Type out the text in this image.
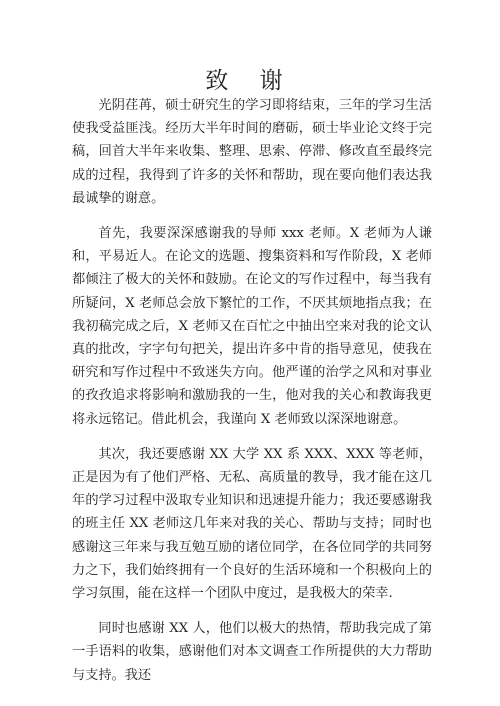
致 谢

光阴荏苒，硕士研究生的学习即将结束，三年的学习生活使我受益匪浅。经历大半年时间的磨砺，硕士毕业论文终于完稿，回首大半年来收集、整理、思索、停滞、修改直至最终完成的过程，我得到了许多的关怀和帮助，现在要向他们表达我最诚挚的谢意。

首先，我要深深感谢我的导师 xxx 老师。X 老师为人谦和，平易近人。在论文的选题、搜集资料和写作阶段，X 老师都倾注了极大的关怀和鼓励。在论文的写作过程中，每当我有所疑问，X 老师总会放下繁忙的工作，不厌其烦地指点我；在我初稿完成之后，X 老师又在百忙之中抽出空来对我的论文认真的批改，字字句句把关，提出许多中肯的指导意见，使我在研究和写作过程中不致迷失方向。他严谨的治学之风和对事业的孜孜追求将影响和激励我的一生，他对我的关心和教诲我更将永远铭记。借此机会，我谨向 X 老师致以深深地谢意。

其次，我还要感谢 XX 大学 XX 系 XXX、XXX 等老师，正是因为有了他们严格、无私、高质量的教导，我才能在这几年的学习过程中汲取专业知识和迅速提升能力；我还要感谢我的班主任 XX 老师这几年来对我的关心、帮助与支持；同时也感谢这三年来与我互勉互励的诸位同学，在各位同学的共同努力之下，我们始终拥有一个良好的生活环境和一个积极向上的学习氛围，能在这样一个团队中度过，是我极大的荣幸.

同时也感谢 XX 人，他们以极大的热情，帮助我完成了第一手语料的收集，感谢他们对本文调查工作所提供的大力帮助与支持。我还
